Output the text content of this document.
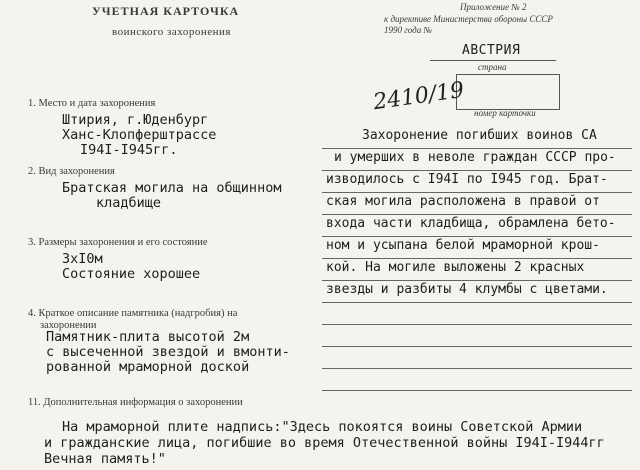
УЧЕТНАЯ КАРТОЧКА
воинского захоронения
Приложение № 2
к директиве Министерства обороны СССР
1990 года №
АВСТРИЯ
страна
2410/19 номер карточки
1. Место и дата захоронения
Штирия, г.Юденбург
Ханс-Клопферштрассе
I94I-I945гг.
2. Вид захоронения
Братская могила на общинном
кладбище
3. Размеры захоронения и его состояние
3xI0м
Состояние хорошее
4. Краткое описание памятника (надгробия) на
захоронении
Памятник-плита высотой 2м
с высеченной звездой и вмонти-
рованной мраморной доской
11. Дополнительная информация о захоронении
На мраморной плите надпись:"Здесь покоятся воины Советской Армии
и гражданские лица, погибшие во время Отечественной войны I94I-I944гг
Вечная память!"
Захоронение погибших воинов СА
и умерших в неволе граждан СССР про-
изводилось с I94I по I945 год. Брат-
ская могила расположена в правой от
входа части кладбища, обрамлена бето-
ном и усыпана белой мраморной крош-
кой. На могиле выложены 2 красных
звезды и разбиты 4 клумбы с цветами.
